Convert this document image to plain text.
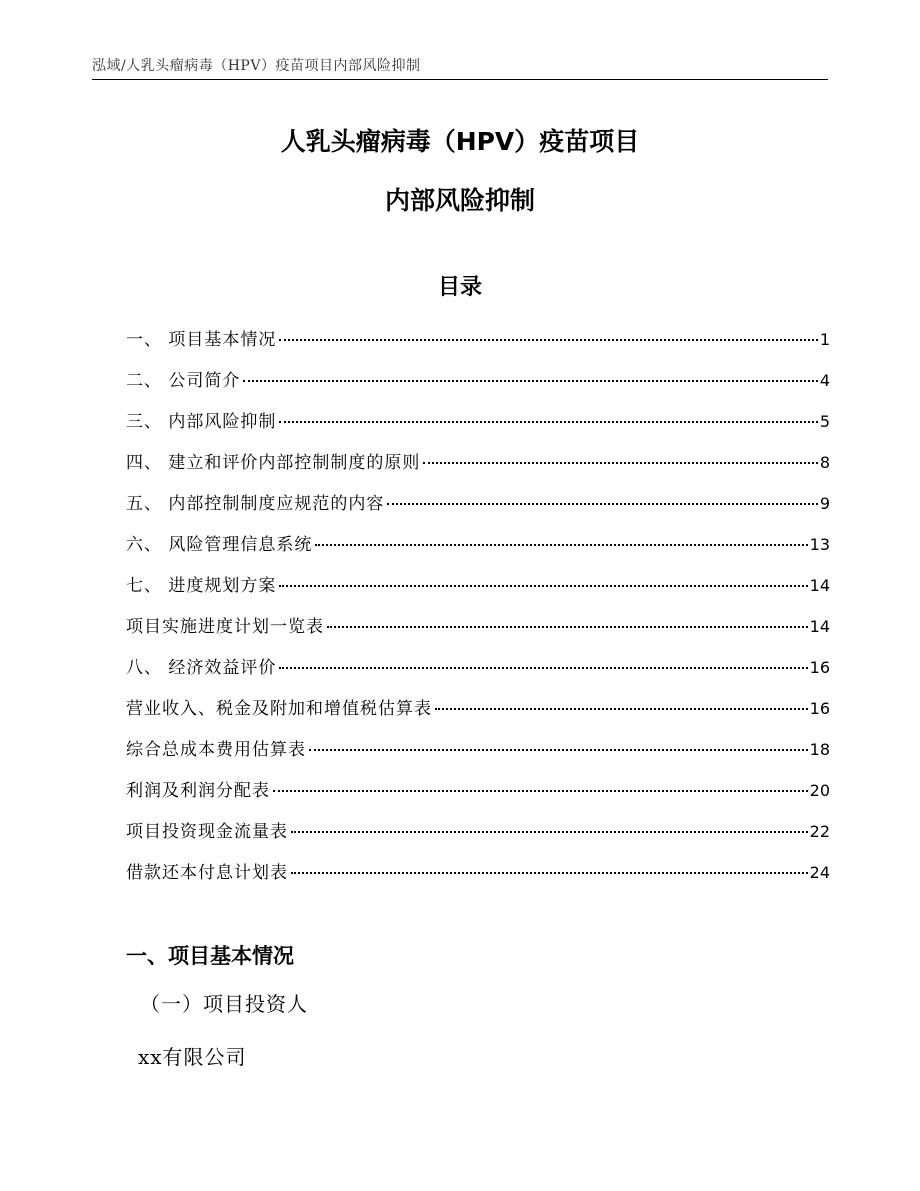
泓域/人乳头瘤病毒（HPV）疫苗项目内部风险抑制
人乳头瘤病毒（HPV）疫苗项目
内部风险抑制
目录
一、 项目基本情况	1
二、 公司简介	4
三、 内部风险抑制	5
四、 建立和评价内部控制制度的原则	8
五、 内部控制制度应规范的内容	9
六、 风险管理信息系统	13
七、 进度规划方案	14
项目实施进度计划一览表	14
八、 经济效益评价	16
营业收入、税金及附加和增值税估算表	16
综合总成本费用估算表	18
利润及利润分配表	20
项目投资现金流量表	22
借款还本付息计划表	24
一、项目基本情况
（一）项目投资人
xx有限公司
